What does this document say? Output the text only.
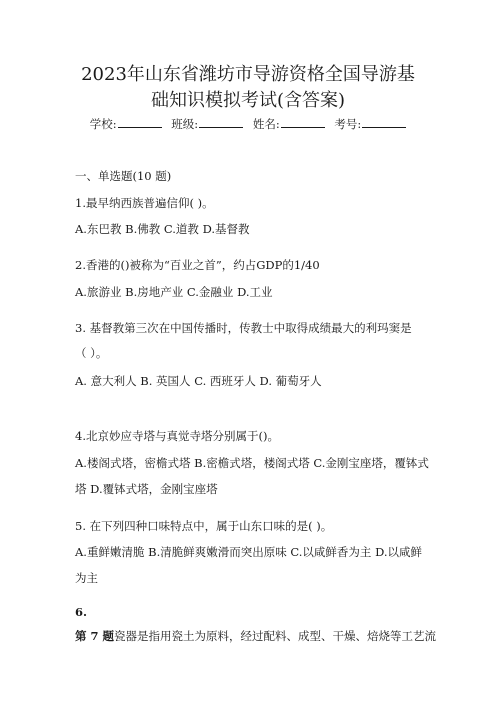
2023年山东省潍坊市导游资格全国导游基
础知识模拟考试(含答案)
学校:	班级:	姓名:	考号:
一、单选题(10 题)
1.最早纳西族普遍信仰( )。
A.东巴教 B.佛教 C.道教 D.基督教
2.香港的()被称为“百业之首”，约占GDP的1/40
A.旅游业 B.房地产业 C.金融业 D.工业
3. 基督教第三次在中国传播时，传教士中取得成绩最大的利玛窦是
（ ）。
A. 意大利人 B. 英国人 C. 西班牙人 D. 葡萄牙人
4.北京妙应寺塔与真觉寺塔分别属于()。
A.楼阁式塔，密檐式塔 B.密檐式塔，楼阁式塔 C.金刚宝座塔，覆钵式
塔 D.覆钵式塔，金刚宝座塔
5. 在下列四种口味特点中，属于山东口味的是( )。
A.重鲜嫩清脆 B.清脆鲜爽嫩滑而突出原味 C.以咸鲜香为主 D.以咸鲜
为主
6.
第 7 题瓷器是指用瓷土为原料，经过配料、成型、干燥、焙烧等工艺流
